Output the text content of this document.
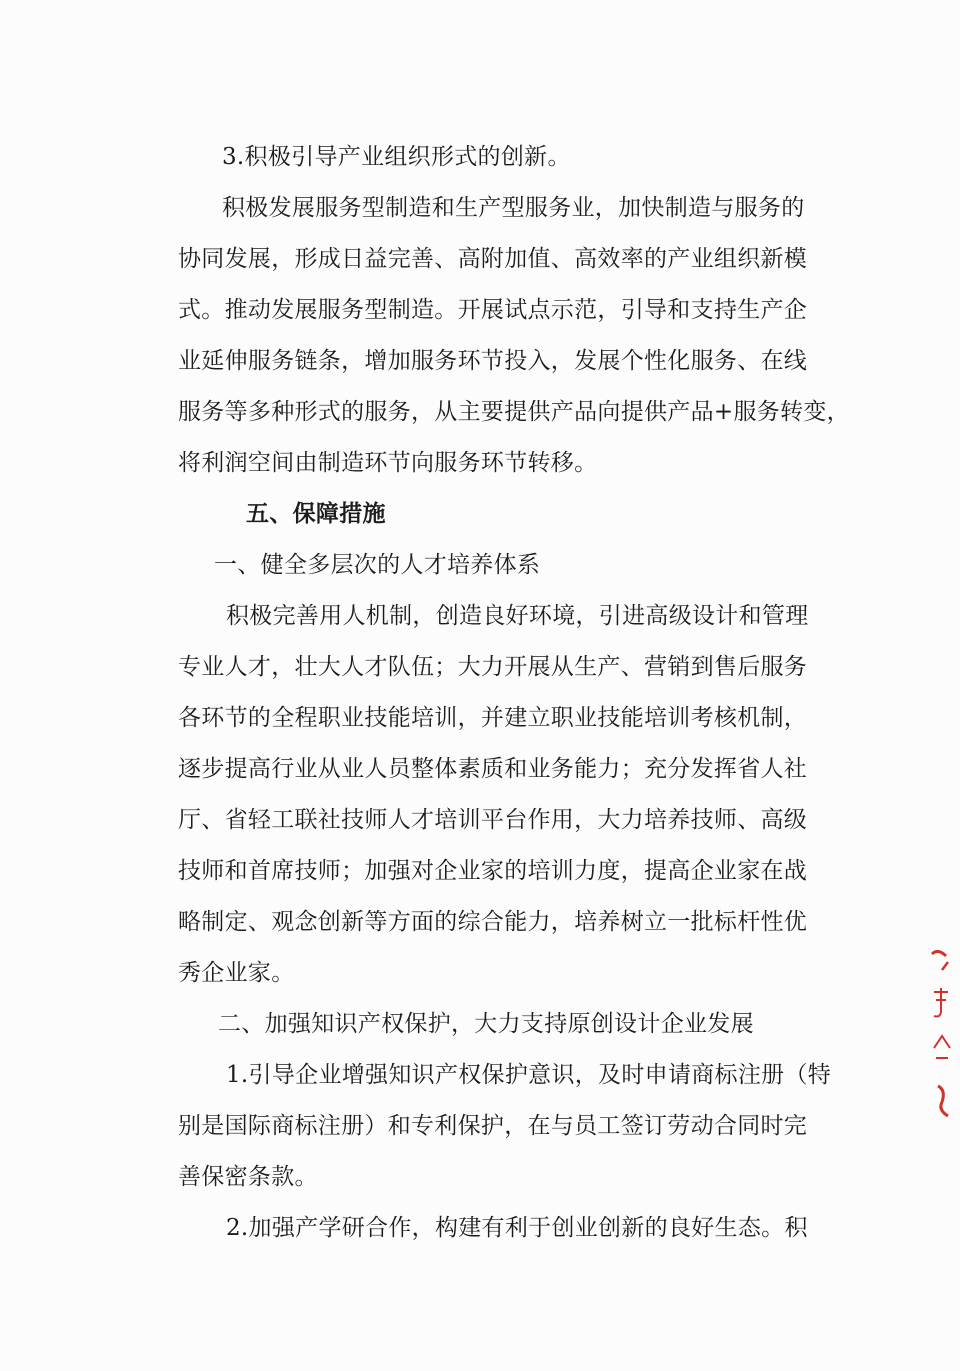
3.积极引导产业组织形式的创新。
积极发展服务型制造和生产型服务业，加快制造与服务的
协同发展，形成日益完善、高附加值、高效率的产业组织新模
式。推动发展服务型制造。开展试点示范，引导和支持生产企
业延伸服务链条，增加服务环节投入，发展个性化服务、在线
服务等多种形式的服务，从主要提供产品向提供产品+服务转变，
将利润空间由制造环节向服务环节转移。
五、保障措施
一、健全多层次的人才培养体系
积极完善用人机制，创造良好环境，引进高级设计和管理
专业人才，壮大人才队伍；大力开展从生产、营销到售后服务
各环节的全程职业技能培训，并建立职业技能培训考核机制，
逐步提高行业从业人员整体素质和业务能力；充分发挥省人社
厅、省轻工联社技师人才培训平台作用，大力培养技师、高级
技师和首席技师；加强对企业家的培训力度，提高企业家在战
略制定、观念创新等方面的综合能力，培养树立一批标杆性优
秀企业家。
二、加强知识产权保护，大力支持原创设计企业发展
1.引导企业增强知识产权保护意识，及时申请商标注册（特
别是国际商标注册）和专利保护，在与员工签订劳动合同时完
善保密条款。
2.加强产学研合作，构建有利于创业创新的良好生态。积
